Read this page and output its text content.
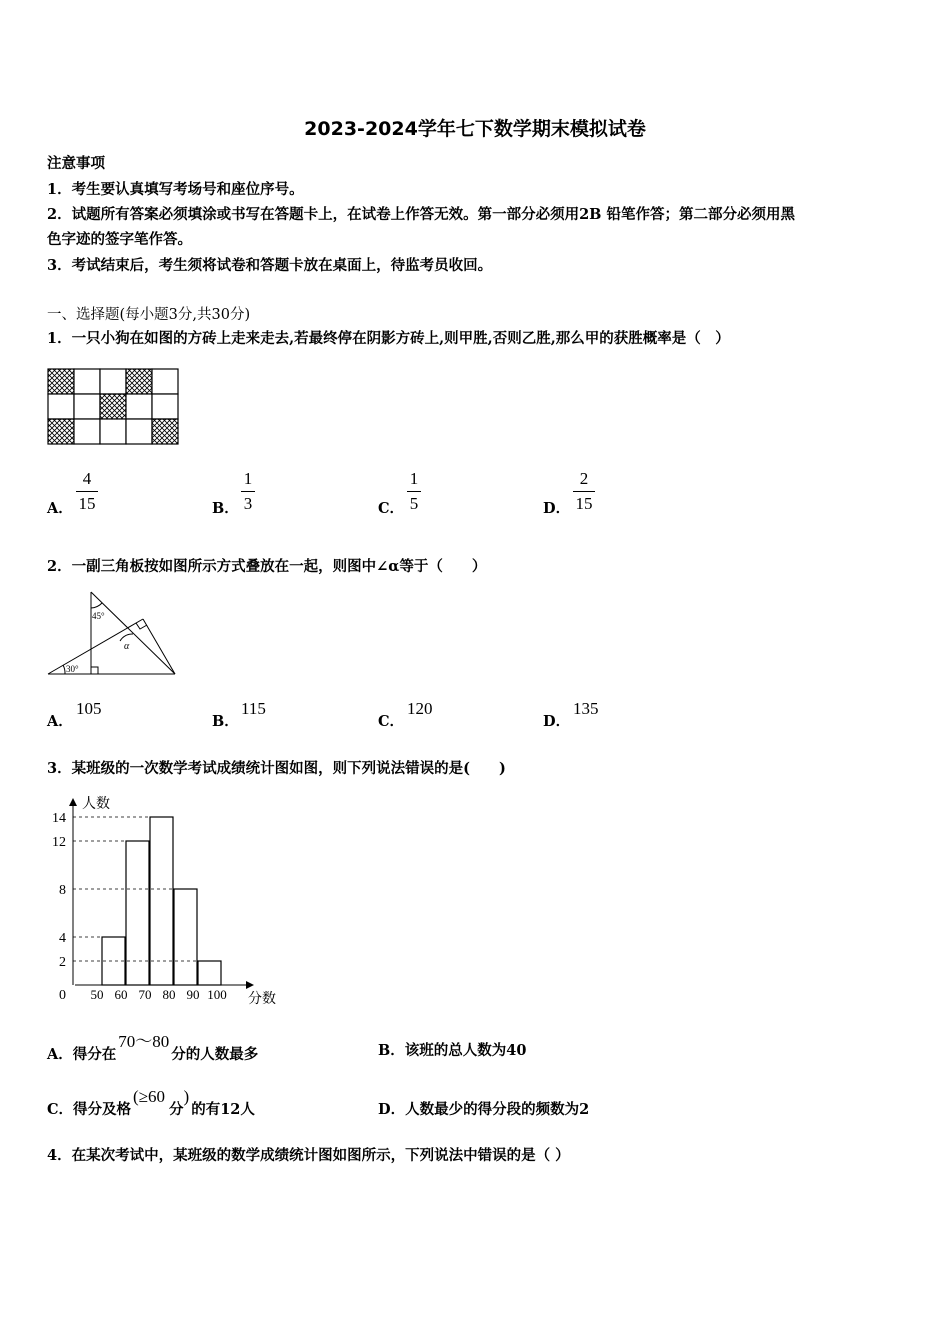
2023-2024学年七下数学期末模拟试卷
注意事项
1．考生要认真填写考场号和座位序号。
2．试题所有答案必须填涂或书写在答题卡上，在试卷上作答无效。第一部分必须用2B 铅笔作答；第二部分必须用黑
色字迹的签字笔作答。
3．考试结束后，考生须将试卷和答题卡放在桌面上，待监考员收回。
一、选择题(每小题3分,共30分)
1．一只小狗在如图的方砖上走来走去,若最终停在阴影方砖上,则甲胜,否则乙胜,那么甲的获胜概率是（　）
A．
4
15	B．
1
3	C．
1
5	D．
2
15
2．一副三角板按如图所示方式叠放在一起，则图中∠α等于（　　）
45°
α
30°
A．
105
B．
115
C．
120
D．
135
3．某班级的一次数学考试成绩统计图如图，则下列说法错误的是(　　)
14
12
8
4
2
0 50 60 70 80 90 100
人数
分数
A．得分在70～80分的人数最多	B．该班的总人数为40
C．得分及格(≥60分)的有12人	D．人数最少的得分段的频数为2
4．在某次考试中，某班级的数学成绩统计图如图所示，下列说法中错误的是（ ）
